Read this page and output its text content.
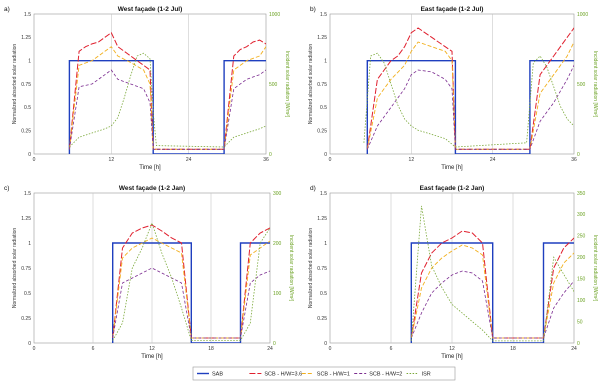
0	12	24	36
0
0.25
0.5
0.75
1
1.25
1.5
0
500
1000
a)	West façade (1-2 Jul)
Time [h]
Normalized absorbed solar radiation	Incident solar radiation [W/m²]
0	12	24	36
0
0.25
0.5
0.75
1
1.25
1.5
0
500
1000
b)	East façade (1-2 Jul)
Time [h]
Normalized absorbed solar radiation	Incident solar radiation [W/m²]
0	6	12	18	24
0
0.25
0.5
0.75
1
1.25
1.5
0
100
200
300
c)	West façade (1-2 Jan)
Time [h]
Normalized absorbed solar radiation	Incident solar radiation [W/m²]
0	6	12	18	24
0
0.25
0.5
0.75
1
1.25
1.5
0
50
100
150
200
250
300
350
d)	East façade (1-2 Jan)
Time [h]
Normalized absorbed solar radiation	Incident solar radiation [W/m²]
SAB	SCB - H/W=3.6	SCB - H/W=1	SCB - H/W=2	ISR
